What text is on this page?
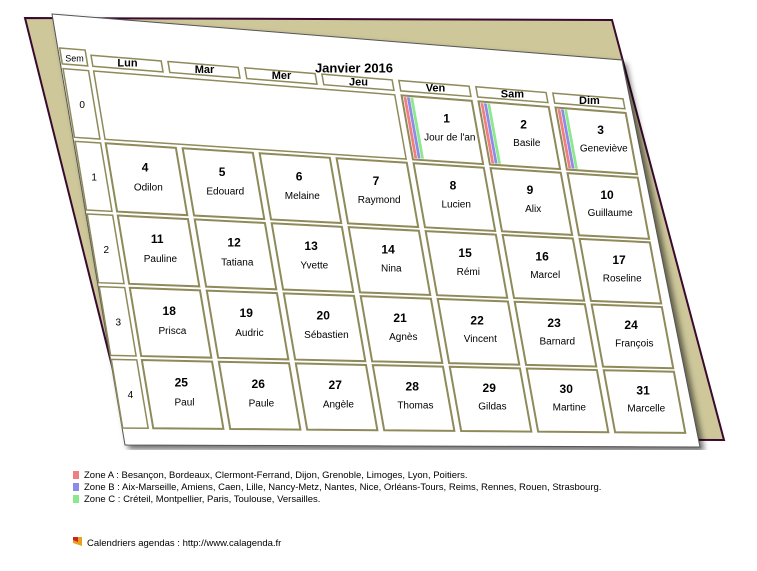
Janvier 2016
Sem	Lun
Mar
Mer
Jeu
Ven
Sam
Dim
0
1
Jour de l'an
2
Basile
3
Geneviève
1
4
Odilon
5
Edouard
6
Melaine
7
Raymond
8
Lucien
9
Alix
10
Guillaume
2
11
Pauline
12
Tatiana
13
Yvette
14
Nina
15
Rémi
16
Marcel
17
Roseline
3
18
Prisca
19
Audric
20
Sébastien
21
Agnès
22
Vincent
23
Barnard
24
François
4
25
Paul
26
Paule
27
Angèle
28
Thomas
29
Gildas
30
Martine
31
Marcelle
Zone A : Besançon, Bordeaux, Clermont-Ferrand, Dijon, Grenoble, Limoges, Lyon, Poitiers.
Zone B : Aix-Marseille, Amiens, Caen, Lille, Nancy-Metz, Nantes, Nice, Orléans-Tours, Reims, Rennes, Rouen, Strasbourg.
Zone C : Créteil, Montpellier, Paris, Toulouse, Versailles.
Calendriers agendas : http://www.calagenda.fr
